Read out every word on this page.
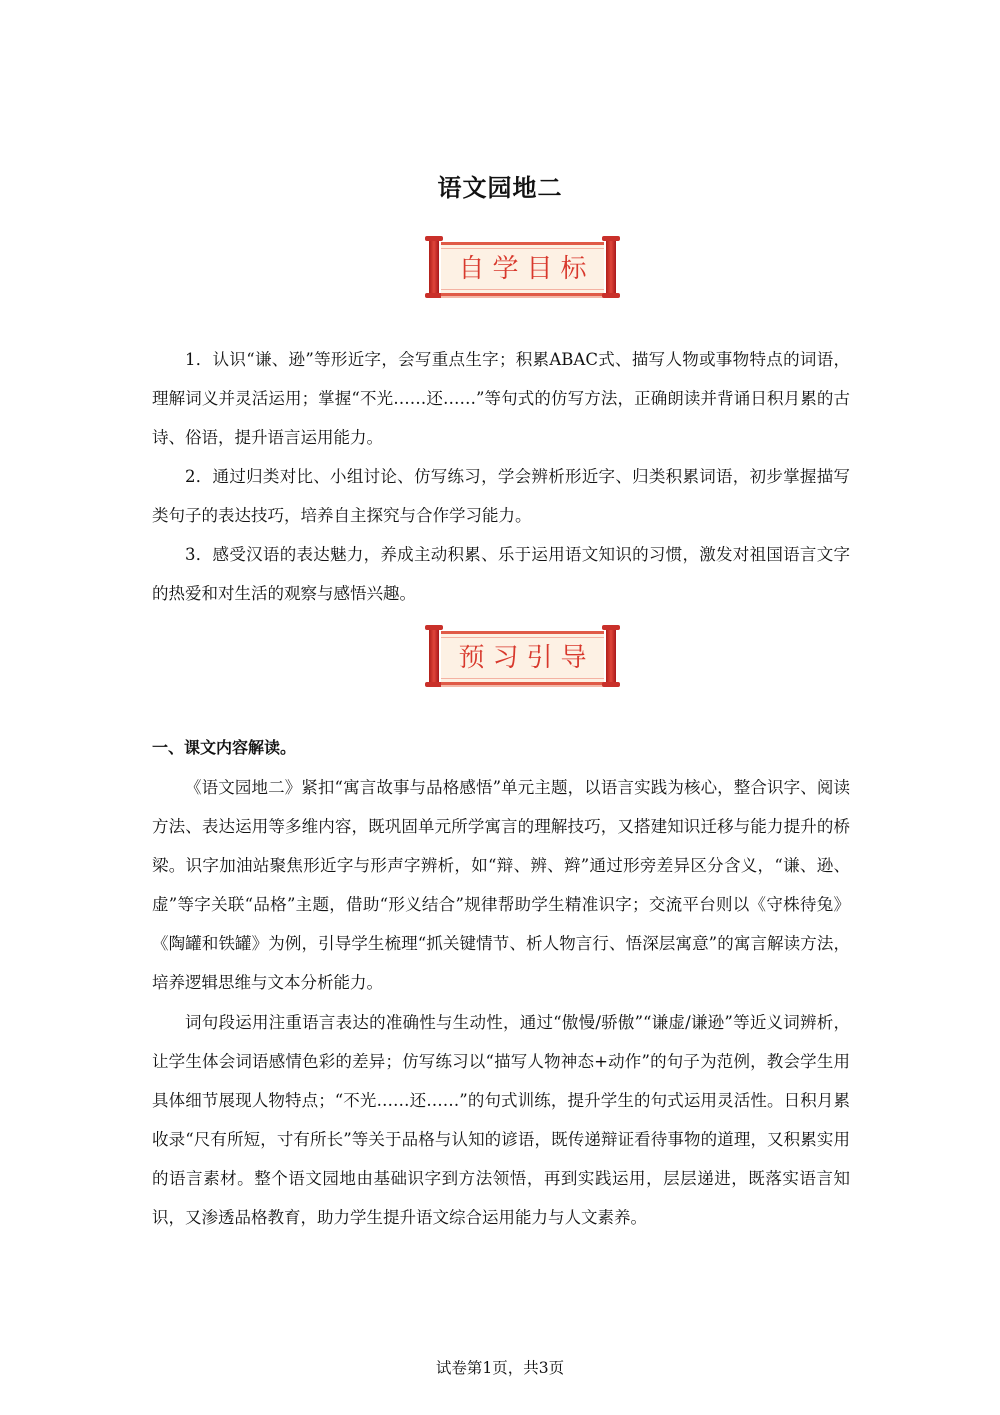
语文园地二
自学目标
1．认识“谦、逊”等形近字，会写重点生字；积累ABAC式、描写人物或事物特点的词语，理解词义并灵活运用；掌握“不光……还……”等句式的仿写方法，正确朗读并背诵日积月累的古诗、俗语，提升语言运用能力。
2．通过归类对比、小组讨论、仿写练习，学会辨析形近字、归类积累词语，初步掌握描写类句子的表达技巧，培养自主探究与合作学习能力。
3．感受汉语的表达魅力，养成主动积累、乐于运用语文知识的习惯，激发对祖国语言文字的热爱和对生活的观察与感悟兴趣。
预习引导
一、课文内容解读。
《语文园地二》紧扣“寓言故事与品格感悟”单元主题，以语言实践为核心，整合识字、阅读方法、表达运用等多维内容，既巩固单元所学寓言的理解技巧，又搭建知识迁移与能力提升的桥梁。识字加油站聚焦形近字与形声字辨析，如“辩、辨、辫”通过形旁差异区分含义，“谦、逊、虚”等字关联“品格”主题，借助“形义结合”规律帮助学生精准识字；交流平台则以《守株待兔》《陶罐和铁罐》为例，引导学生梳理“抓关键情节、析人物言行、悟深层寓意”的寓言解读方法，培养逻辑思维与文本分析能力。
词句段运用注重语言表达的准确性与生动性，通过“傲慢/骄傲”“谦虚/谦逊”等近义词辨析，让学生体会词语感情色彩的差异；仿写练习以“描写人物神态+动作”的句子为范例，教会学生用具体细节展现人物特点；“不光……还……”的句式训练，提升学生的句式运用灵活性。日积月累收录“尺有所短，寸有所长”等关于品格与认知的谚语，既传递辩证看待事物的道理，又积累实用的语言素材。整个语文园地由基础识字到方法领悟，再到实践运用，层层递进，既落实语言知识，又渗透品格教育，助力学生提升语文综合运用能力与人文素养。
试卷第1页，共3页
